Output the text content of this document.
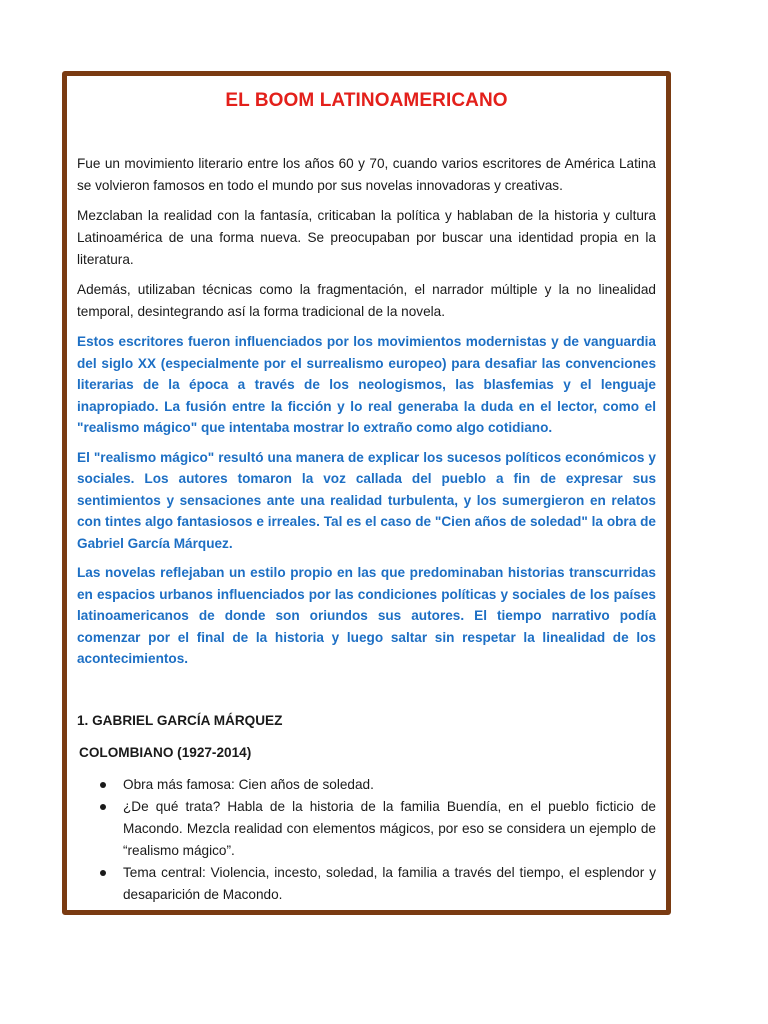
EL BOOM LATINOAMERICANO

Fue un movimiento literario entre los años 60 y 70, cuando varios escritores de América Latina se volvieron famosos en todo el mundo por sus novelas innovadoras y creativas.

Mezclaban la realidad con la fantasía, criticaban la política y hablaban de la historia y cultura Latinoamérica de una forma nueva. Se preocupaban por buscar una identidad propia en la literatura.

Además, utilizaban técnicas como la fragmentación, el narrador múltiple y la no linealidad temporal, desintegrando así la forma tradicional de la novela.

Estos escritores fueron influenciados por los movimientos modernistas y de vanguardia del siglo XX (especialmente por el surrealismo europeo) para desafiar las convenciones literarias de la época a través de los neologismos, las blasfemias y el lenguaje inapropiado. La fusión entre la ficción y lo real generaba la duda en el lector, como el "realismo mágico" que intentaba mostrar lo extraño como algo cotidiano.

El "realismo mágico" resultó una manera de explicar los sucesos políticos económicos y sociales. Los autores tomaron la voz callada del pueblo a fin de expresar sus sentimientos y sensaciones ante una realidad turbulenta, y los sumergieron en relatos con tintes algo fantasiosos e irreales. Tal es el caso de "Cien años de soledad" la obra de Gabriel García Márquez.

Las novelas reflejaban un estilo propio en las que predominaban historias transcurridas en espacios urbanos influenciados por las condiciones políticas y sociales de los países latinoamericanos de donde son oriundos sus autores. El tiempo narrativo podía comenzar por el final de la historia y luego saltar sin respetar la linealidad de los acontecimientos.

1. GABRIEL GARCÍA MÁRQUEZ
COLOMBIANO (1927-2014)
Obra más famosa: Cien años de soledad.
¿De qué trata? Habla de la historia de la familia Buendía, en el pueblo ficticio de Macondo. Mezcla realidad con elementos mágicos, por eso se considera un ejemplo de “realismo mágico”.
Tema central: Violencia, incesto, soledad, la familia a través del tiempo, el esplendor y desaparición de Macondo.
